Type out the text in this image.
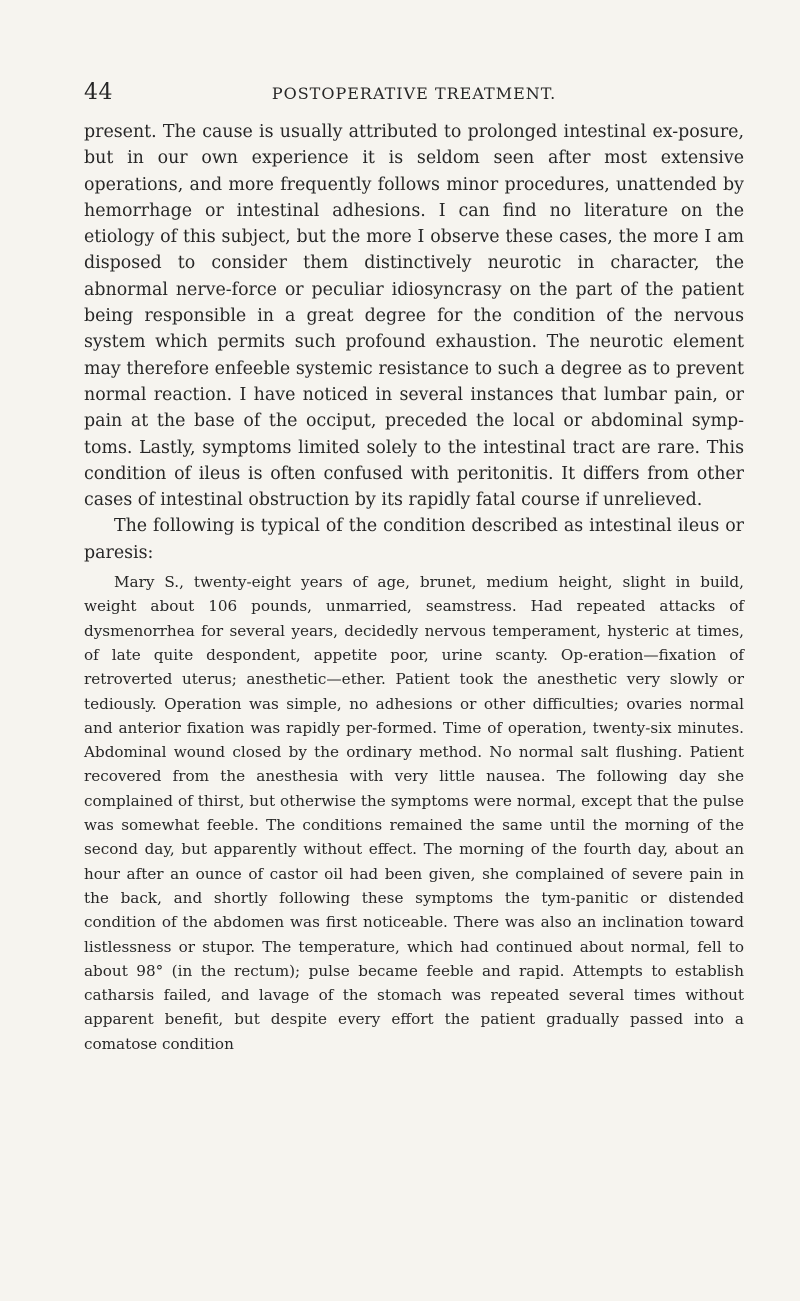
44	POSTOPERATIVE TREATMENT.

present. The cause is usually attributed to prolonged intestinal ex-posure, but in our own experience it is seldom seen after most extensive operations, and more frequently follows minor procedures, unattended by hemorrhage or intestinal adhesions. I can find no literature on the etiology of this subject, but the more I observe these cases, the more I am disposed to consider them distinctively neurotic in character, the abnormal nerve-force or peculiar idiosyncrasy on the part of the patient being responsible in a great degree for the condition of the nervous system which permits such profound exhaustion. The neurotic element may therefore enfeeble systemic resistance to such a degree as to prevent normal reaction. I have noticed in several instances that lumbar pain, or pain at the base of the occiput, preceded the local or abdominal symp-toms. Lastly, symptoms limited solely to the intestinal tract are rare. This condition of ileus is often confused with peritonitis. It differs from other cases of intestinal obstruction by its rapidly fatal course if unrelieved.

The following is typical of the condition described as intestinal ileus or paresis:

Mary S., twenty-eight years of age, brunet, medium height, slight in build, weight about 106 pounds, unmarried, seamstress. Had repeated attacks of dysmenorrhea for several years, decidedly nervous temperament, hysteric at times, of late quite despondent, appetite poor, urine scanty. Op-eration—fixation of retroverted uterus; anesthetic—ether. Patient took the anesthetic very slowly or tediously. Operation was simple, no adhesions or other difficulties; ovaries normal and anterior fixation was rapidly per-formed. Time of operation, twenty-six minutes. Abdominal wound closed by the ordinary method. No normal salt flushing. Patient recovered from the anesthesia with very little nausea. The following day she complained of thirst, but otherwise the symptoms were normal, except that the pulse was somewhat feeble. The conditions remained the same until the morning of the second day, but apparently without effect. The morning of the fourth day, about an hour after an ounce of castor oil had been given, she complained of severe pain in the back, and shortly following these symptoms the tym-panitic or distended condition of the abdomen was first noticeable. There was also an inclination toward listlessness or stupor. The temperature, which had continued about normal, fell to about 98° (in the rectum); pulse became feeble and rapid. Attempts to establish catharsis failed, and lavage of the stomach was repeated several times without apparent benefit, but despite every effort the patient gradually passed into a comatose condition
